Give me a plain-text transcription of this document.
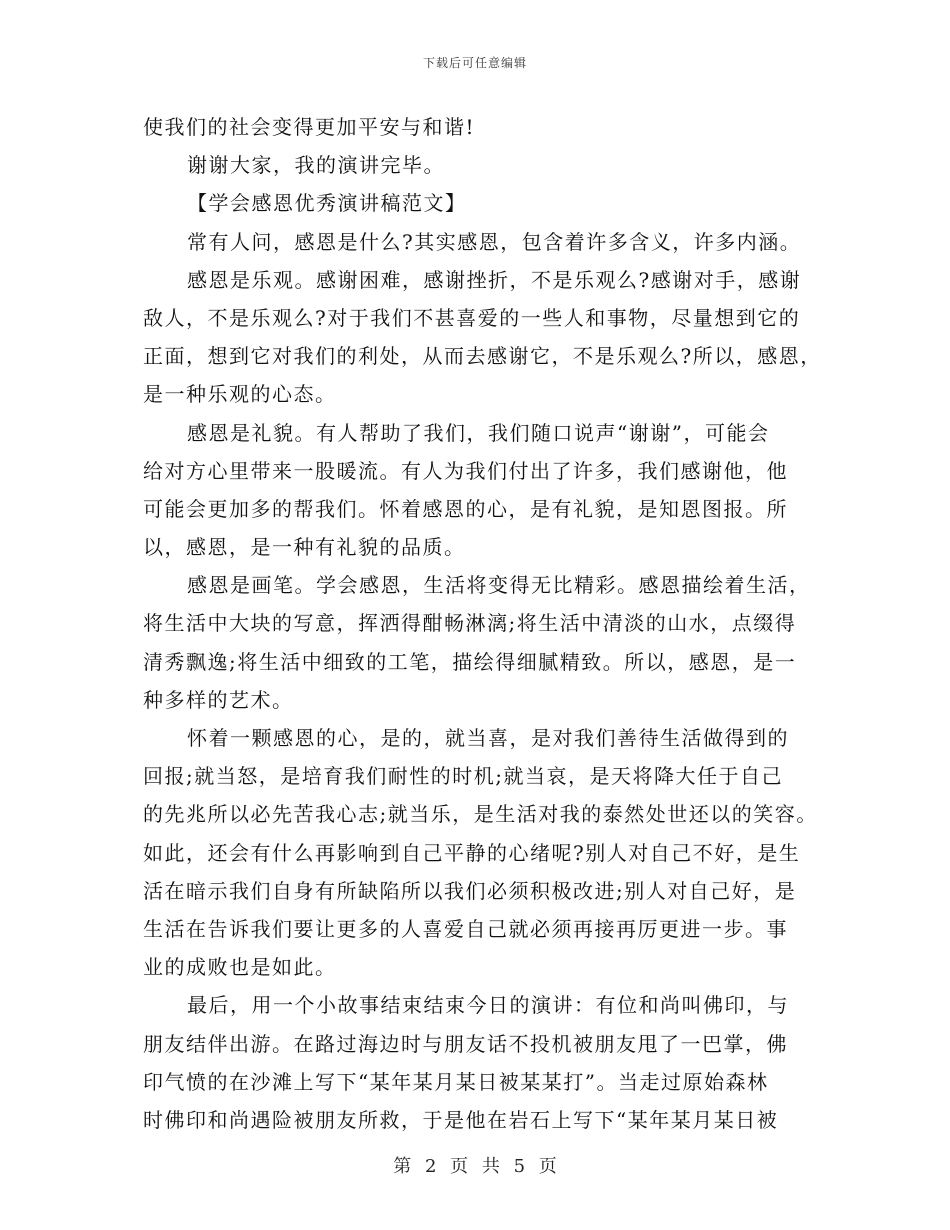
下载后可任意编辑
使我们的社会变得更加平安与和谐!
谢谢大家，我的演讲完毕。
【学会感恩优秀演讲稿范文】
常有人问，感恩是什么?其实感恩，包含着许多含义，许多内涵。
感恩是乐观。感谢困难，感谢挫折，不是乐观么?感谢对手，感谢
敌人，不是乐观么?对于我们不甚喜爱的一些人和事物，尽量想到它的
正面，想到它对我们的利处，从而去感谢它，不是乐观么?所以，感恩，
是一种乐观的心态。
感恩是礼貌。有人帮助了我们，我们随口说声“谢谢”，可能会
给对方心里带来一股暖流。有人为我们付出了许多，我们感谢他，他
可能会更加多的帮我们。怀着感恩的心，是有礼貌，是知恩图报。所
以，感恩，是一种有礼貌的品质。
感恩是画笔。学会感恩，生活将变得无比精彩。感恩描绘着生活，
将生活中大块的写意，挥洒得酣畅淋漓;将生活中清淡的山水，点缀得
清秀飘逸;将生活中细致的工笔，描绘得细腻精致。所以，感恩，是一
种多样的艺术。
怀着一颗感恩的心，是的，就当喜，是对我们善待生活做得到的
回报;就当怒，是培育我们耐性的时机;就当哀，是天将降大任于自己
的先兆所以必先苦我心志;就当乐，是生活对我的泰然处世还以的笑容。
如此，还会有什么再影响到自己平静的心绪呢?别人对自己不好，是生
活在暗示我们自身有所缺陷所以我们必须积极改进;别人对自己好，是
生活在告诉我们要让更多的人喜爱自己就必须再接再厉更进一步。事
业的成败也是如此。
最后，用一个小故事结束结束今日的演讲：有位和尚叫佛印，与
朋友结伴出游。在路过海边时与朋友话不投机被朋友甩了一巴掌，佛
印气愤的在沙滩上写下“某年某月某日被某某打”。当走过原始森林
时佛印和尚遇险被朋友所救，于是他在岩石上写下“某年某月某日被
第 2 页 共 5 页
